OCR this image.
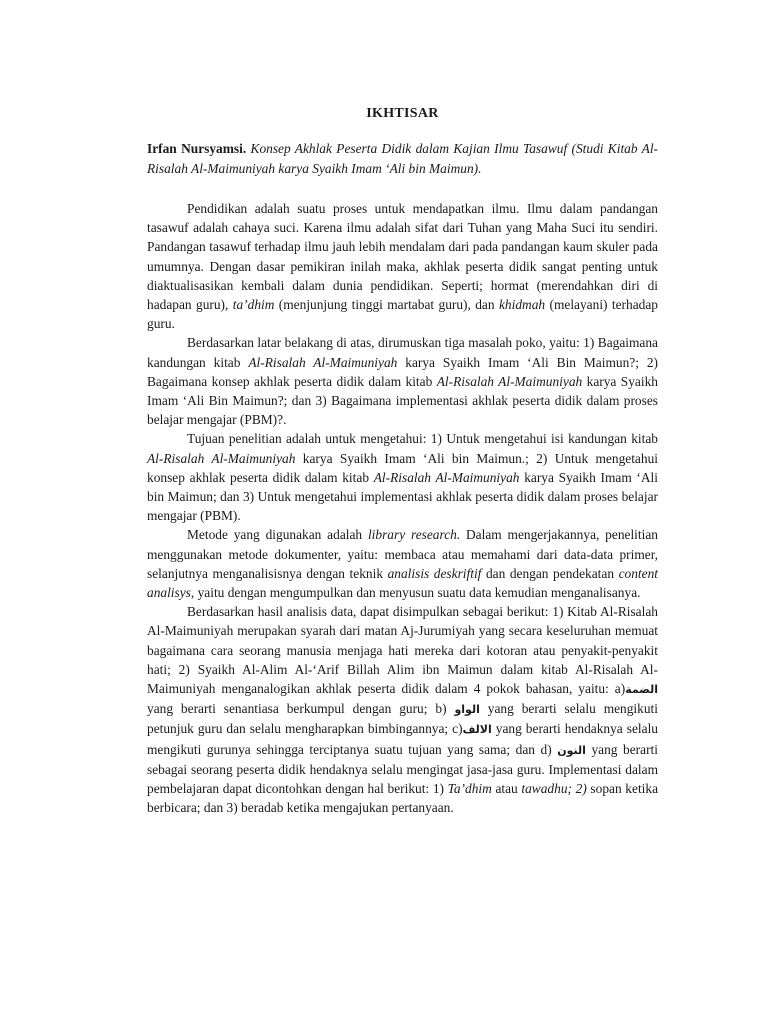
IKHTISAR
Irfan Nursyamsi. Konsep Akhlak Peserta Didik dalam Kajian Ilmu Tasawuf (Studi Kitab Al-Risalah Al-Maimuniyah karya Syaikh Imam ‘Ali bin Maimun).

Pendidikan adalah suatu proses untuk mendapatkan ilmu. Ilmu dalam pandangan tasawuf adalah cahaya suci. Karena ilmu adalah sifat dari Tuhan yang Maha Suci itu sendiri. Pandangan tasawuf terhadap ilmu jauh lebih mendalam dari pada pandangan kaum skuler pada umumnya. Dengan dasar pemikiran inilah maka, akhlak peserta didik sangat penting untuk diaktualisasikan kembali dalam dunia pendidikan. Seperti; hormat (merendahkan diri di hadapan guru), ta’dhim (menjunjung tinggi martabat guru), dan khidmah (melayani) terhadap guru.

Berdasarkan latar belakang di atas, dirumuskan tiga masalah poko, yaitu: 1) Bagaimana kandungan kitab Al-Risalah Al-Maimuniyah karya Syaikh Imam ‘Ali Bin Maimun?; 2) Bagaimana konsep akhlak peserta didik dalam kitab Al-Risalah Al-Maimuniyah karya Syaikh Imam ‘Ali Bin Maimun?; dan 3) Bagaimana implementasi akhlak peserta didik dalam proses belajar mengajar (PBM)?.

Tujuan penelitian adalah untuk mengetahui: 1) Untuk mengetahui isi kandungan kitab Al-Risalah Al-Maimuniyah karya Syaikh Imam ‘Ali bin Maimun.; 2) Untuk mengetahui konsep akhlak peserta didik dalam kitab Al-Risalah Al-Maimuniyah karya Syaikh Imam ‘Ali bin Maimun; dan 3) Untuk mengetahui implementasi akhlak peserta didik dalam proses belajar mengajar (PBM).

Metode yang digunakan adalah library research. Dalam mengerjakannya, penelitian menggunakan metode dokumenter, yaitu: membaca atau memahami dari data-data primer, selanjutnya menganalisisnya dengan teknik analisis deskriftif dan dengan pendekatan content analisys, yaitu dengan mengumpulkan dan menyusun suatu data kemudian menganalisanya.

Berdasarkan hasil analisis data, dapat disimpulkan sebagai berikut: 1) Kitab Al-Risalah Al-Maimuniyah merupakan syarah dari matan Aj-Jurumiyah yang secara keseluruhan memuat bagaimana cara seorang manusia menjaga hati mereka dari kotoran atau penyakit-penyakit hati; 2) Syaikh Al-Alim Al-‘Arif Billah Alim ibn Maimun dalam kitab Al-Risalah Al-Maimuniyah menganalogikan akhlak peserta didik dalam 4 pokok bahasan, yaitu: a)الضمة yang berarti senantiasa berkumpul dengan guru; b) الواو yang berarti selalu mengikuti petunjuk guru dan selalu mengharapkan bimbingannya; c)الالف yang berarti hendaknya selalu mengikuti gurunya sehingga terciptanya suatu tujuan yang sama; dan d) النون yang berarti sebagai seorang peserta didik hendaknya selalu mengingat jasa-jasa guru. Implementasi dalam pembelajaran dapat dicontohkan dengan hal berikut: 1) Ta’dhim atau tawadhu; 2) sopan ketika berbicara; dan 3) beradab ketika mengajukan pertanyaan.
